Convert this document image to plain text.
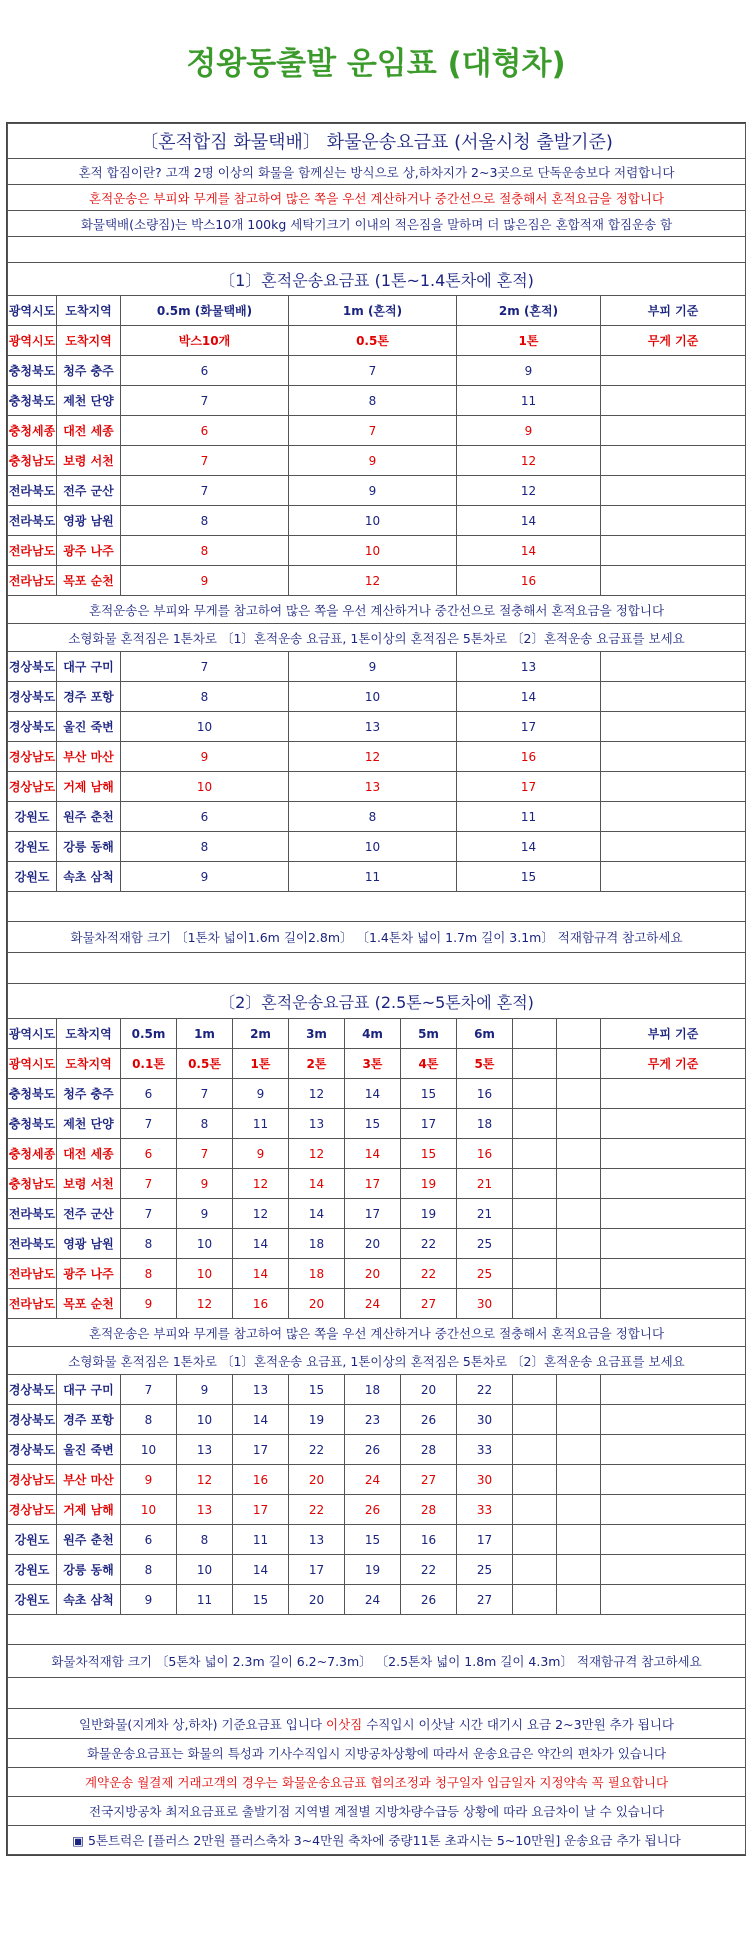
정왕동출발 운임표 (대형차)
〔혼적합짐 화물택배〕 화물운송요금표 (서울시청 출발기준)											
혼적 합짐이란? 고객 2명 이상의 화물을 함께싣는 방식으로 상,하차지가 2~3곳으로 단독운송보다 저렴합니다											
혼적운송은 부피와 무게를 참고하여 많은 쪽을 우선 계산하거나 중간선으로 절충해서 혼적요금을 정합니다											
화물택배(소량짐)는 박스10개 100kg 세탁기크기 이내의 적은짐을 말하며 더 많은짐은 혼합적재 합짐운송 함											

〔1〕혼적운송요금표 (1톤~1.4톤차에 혼적)											
광역시도	도착지역	0.5m (화물택배)			1m (혼적)			2m (혼적)			부피 기준
광역시도	도착지역	박스10개			0.5톤			1톤			무게 기준
충청북도	청주 충주	6			7			9			
충청북도	제천 단양	7			8			11			
충청세종	대전 세종	6			7			9			
충청남도	보령 서천	7			9			12			
전라북도	전주 군산	7			9			12			
전라북도	영광 남원	8			10			14			
전라남도	광주 나주	8			10			14			
전라남도	목포 순천	9			12			16			
혼적운송은 부피와 무게를 참고하여 많은 쪽을 우선 계산하거나 중간선으로 절충해서 혼적요금을 정합니다											
소형화물 혼적짐은 1톤차로 〔1〕혼적운송 요금표, 1톤이상의 혼적짐은 5톤차로 〔2〕혼적운송 요금표를 보세요											
경상북도	대구 구미	7			9			13			
경상북도	경주 포항	8			10			14			
경상북도	울진 죽변	10			13			17			
경상남도	부산 마산	9			12			16			
경상남도	거제 남해	10			13			17			
강원도	원주 춘천	6			8			11			
강원도	강릉 동해	8			10			14			
강원도	속초 삼척	9			11			15			

화물차적재함 크기 〔1톤차 넓이1.6m 길이2.8m〕 〔1.4톤차 넓이 1.7m 길이 3.1m〕 적재함규격 참고하세요											

〔2〕혼적운송요금표 (2.5톤~5톤차에 혼적)											
광역시도	도착지역	0.5m	1m	2m	3m	4m	5m	6m			부피 기준
광역시도	도착지역	0.1톤	0.5톤	1톤	2톤	3톤	4톤	5톤			무게 기준
충청북도	청주 충주	6	7	9	12	14	15	16			
충청북도	제천 단양	7	8	11	13	15	17	18			
충청세종	대전 세종	6	7	9	12	14	15	16			
충청남도	보령 서천	7	9	12	14	17	19	21			
전라북도	전주 군산	7	9	12	14	17	19	21			
전라북도	영광 남원	8	10	14	18	20	22	25			
전라남도	광주 나주	8	10	14	18	20	22	25			
전라남도	목포 순천	9	12	16	20	24	27	30			
혼적운송은 부피와 무게를 참고하여 많은 쪽을 우선 계산하거나 중간선으로 절충해서 혼적요금을 정합니다											
소형화물 혼적짐은 1톤차로 〔1〕혼적운송 요금표, 1톤이상의 혼적짐은 5톤차로 〔2〕혼적운송 요금표를 보세요											
경상북도	대구 구미	7	9	13	15	18	20	22			
경상북도	경주 포항	8	10	14	19	23	26	30			
경상북도	울진 죽변	10	13	17	22	26	28	33			
경상남도	부산 마산	9	12	16	20	24	27	30			
경상남도	거제 남해	10	13	17	22	26	28	33			
강원도	원주 춘천	6	8	11	13	15	16	17			
강원도	강릉 동해	8	10	14	17	19	22	25			
강원도	속초 삼척	9	11	15	20	24	26	27			

화물차적재함 크기 〔5톤차 넓이 2.3m 길이 6.2~7.3m〕 〔2.5톤차 넓이 1.8m 길이 4.3m〕 적재함규격 참고하세요											

일반화물(지게차 상,하차) 기준요금표 입니다 이삿짐 수직입시 이삿날 시간 대기시 요금 2~3만원 추가 됩니다											
화물운송요금표는 화물의 특성과 기사수직입시 지방공차상황에 따라서 운송요금은 약간의 편차가 있습니다											
계약운송 월결제 거래고객의 경우는 화물운송요금표 협의조정과 청구일자 입금일자 지정약속 꼭 필요합니다											
전국지방공차 최저요금표로 출발기점 지역별 계절별 지방차량수급등 상황에 따라 요금차이 날 수 있습니다											
▣ 5톤트럭은 [플러스 2만원 플러스축차 3~4만원 축차에 중량11톤 초과시는 5~10만원] 운송요금 추가 됩니다											
